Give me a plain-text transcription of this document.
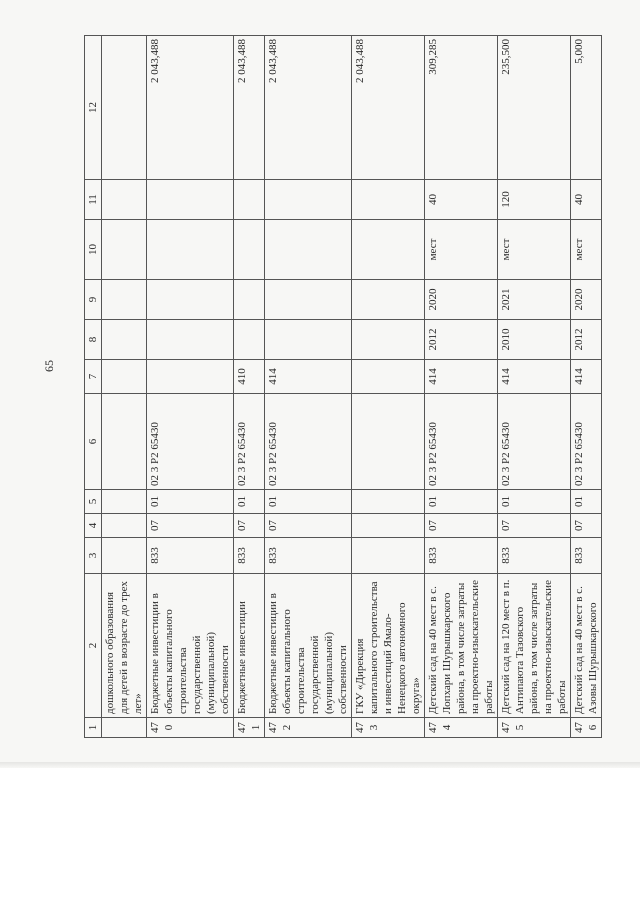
65
1	2	3	4	5	6	7	8	9	10	11	12
	дошкольного образования для детей в возрасте до трех лет»										
470	Бюджетные инвестиции в объекты капитального строительства государственной (муниципальной) собственности	833	07	01	02 3 P2 65430						2 043,488
471	Бюджетные инвестиции	833	07	01	02 3 P2 65430	410					2 043,488
472	Бюджетные инвестиции в объекты капитального строительства государственной (муниципальной) собственности	833	07	01	02 3 P2 65430	414					2 043,488
473	ГКУ «Дирекция капитального строительства и инвестиций Ямало-Ненецкого автономного округа»										2 043,488
474	Детский сад на 40 мест в с. Лопхари Шурышкарского района, в том числе затраты на проектно-изыскательские работы	833	07	01	02 3 P2 65430	414	2012	2020	мест	40	309,285
475	Детский сад на 120 мест в п. Антипаюта Тазовского района, в том числе затраты на проектно-изыскательские работы	833	07	01	02 3 P2 65430	414	2010	2021	мест	120	235,500
476	Детский сад на 40 мест в с. Азовы Шурышкарского	833	07	01	02 3 P2 65430	414	2012	2020	мест	40	5,000
